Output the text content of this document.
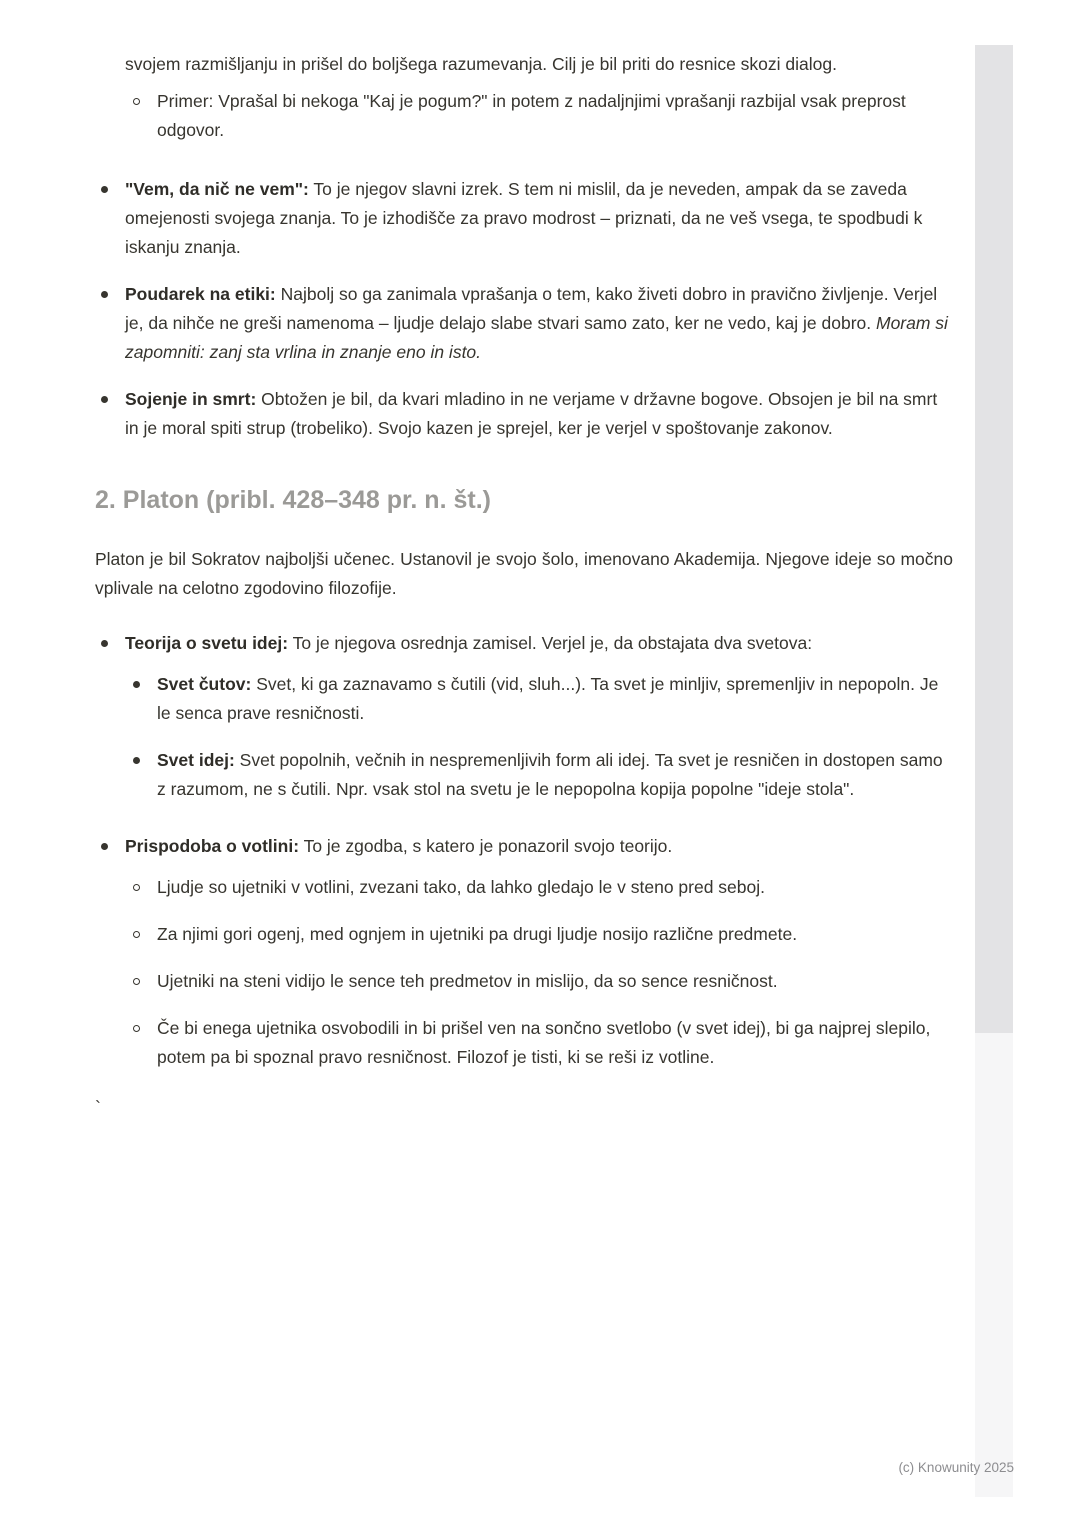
svojem razmišljanju in prišel do boljšega razumevanja. Cilj je bil priti do resnice skozi dialog.

Primer: Vprašal bi nekoga "Kaj je pogum?" in potem z nadaljnjimi vprašanji razbijal vsak preprost odgovor.
"Vem, da nič ne vem": To je njegov slavni izrek. S tem ni mislil, da je neveden, ampak da se zaveda omejenosti svojega znanja. To je izhodišče za pravo modrost – priznati, da ne veš vsega, te spodbudi k iskanju znanja.
Poudarek na etiki: Najbolj so ga zanimala vprašanja o tem, kako živeti dobro in pravično življenje. Verjel je, da nihče ne greši namenoma – ljudje delajo slabe stvari samo zato, ker ne vedo, kaj je dobro. Moram si zapomniti: zanj sta vrlina in znanje eno in isto.
Sojenje in smrt: Obtožen je bil, da kvari mladino in ne verjame v državne bogove. Obsojen je bil na smrt in je moral spiti strup (trobeliko). Svojo kazen je sprejel, ker je verjel v spoštovanje zakonov.
2. Platon (pribl. 428–348 pr. n. št.)

Platon je bil Sokratov najboljši učenec. Ustanovil je svojo šolo, imenovano Akademija. Njegove ideje so močno vplivale na celotno zgodovino filozofije.

Teorija o svetu idej: To je njegova osrednja zamisel. Verjel je, da obstajata dva svetova:
Svet čutov: Svet, ki ga zaznavamo s čutili (vid, sluh...). Ta svet je minljiv, spremenljiv in nepopoln. Je le senca prave resničnosti.
Svet idej: Svet popolnih, večnih in nespremenljivih form ali idej. Ta svet je resničen in dostopen samo z razumom, ne s čutili. Npr. vsak stol na svetu je le nepopolna kopija popolne "ideje stola".
Prispodoba o votlini: To je zgodba, s katero je ponazoril svojo teorijo.
Ljudje so ujetniki v votlini, zvezani tako, da lahko gledajo le v steno pred seboj.
Za njimi gori ogenj, med ognjem in ujetniki pa drugi ljudje nosijo različne predmete.
Ujetniki na steni vidijo le sence teh predmetov in mislijo, da so sence resničnost.
Če bi enega ujetnika osvobodili in bi prišel ven na sončno svetlobo (v svet idej), bi ga najprej slepilo, potem pa bi spoznal pravo resničnost. Filozof je tisti, ki se reši iz votline.

`

(c) Knowunity 2025
